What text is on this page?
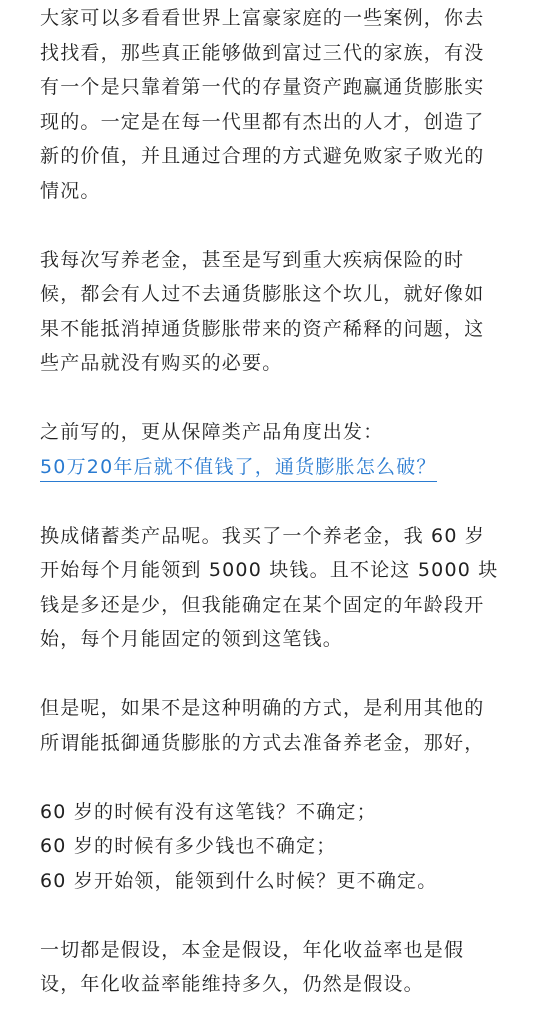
大家可以多看看世界上富豪家庭的一些案例，你去
找找看，那些真正能够做到富过三代的家族，有没
有一个是只靠着第一代的存量资产跑赢通货膨胀实
现的。一定是在每一代里都有杰出的人才，创造了
新的价值，并且通过合理的方式避免败家子败光的
情况。
我每次写养老金，甚至是写到重大疾病保险的时
候，都会有人过不去通货膨胀这个坎儿，就好像如
果不能抵消掉通货膨胀带来的资产稀释的问题，这
些产品就没有购买的必要。
之前写的，更从保障类产品角度出发：
50万20年后就不值钱了，通货膨胀怎么破？
换成储蓄类产品呢。我买了一个养老金，我 60 岁
开始每个月能领到 5000 块钱。且不论这 5000 块
钱是多还是少，但我能确定在某个固定的年龄段开
始，每个月能固定的领到这笔钱。
但是呢，如果不是这种明确的方式，是利用其他的
所谓能抵御通货膨胀的方式去准备养老金，那好，
60 岁的时候有没有这笔钱？不确定；
60 岁的时候有多少钱也不确定；
60 岁开始领，能领到什么时候？更不确定。
一切都是假设，本金是假设，年化收益率也是假
设，年化收益率能维持多久，仍然是假设。
